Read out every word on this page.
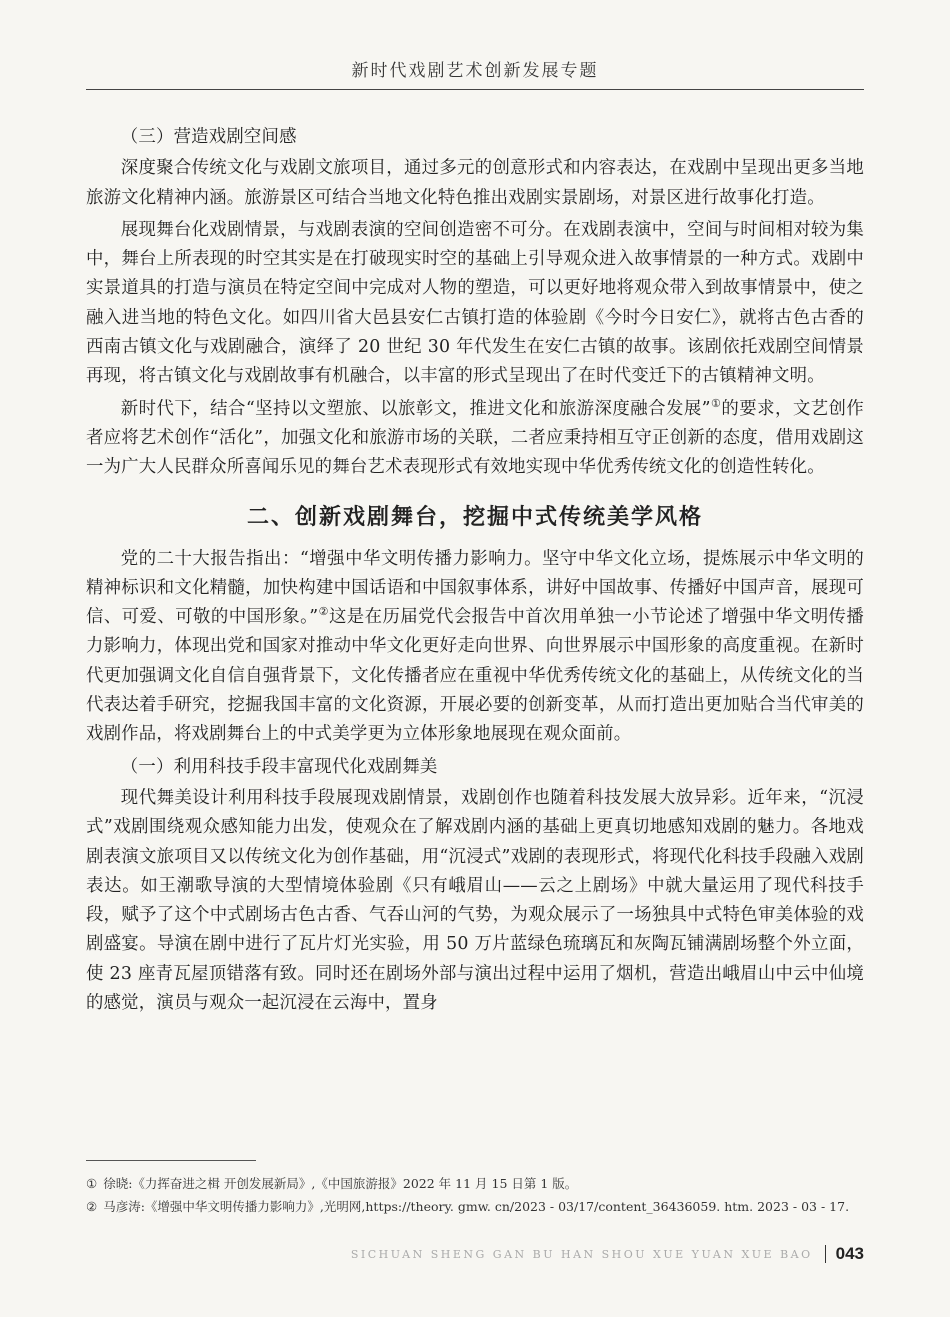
新时代戏剧艺术创新发展专题

（三）营造戏剧空间感

深度聚合传统文化与戏剧文旅项目，通过多元的创意形式和内容表达，在戏剧中呈现出更多当地旅游文化精神内涵。旅游景区可结合当地文化特色推出戏剧实景剧场，对景区进行故事化打造。

展现舞台化戏剧情景，与戏剧表演的空间创造密不可分。在戏剧表演中，空间与时间相对较为集中，舞台上所表现的时空其实是在打破现实时空的基础上引导观众进入故事情景的一种方式。戏剧中实景道具的打造与演员在特定空间中完成对人物的塑造，可以更好地将观众带入到故事情景中，使之融入进当地的特色文化。如四川省大邑县安仁古镇打造的体验剧《今时今日安仁》，就将古色古香的西南古镇文化与戏剧融合，演绎了 20 世纪 30 年代发生在安仁古镇的故事。该剧依托戏剧空间情景再现，将古镇文化与戏剧故事有机融合，以丰富的形式呈现出了在时代变迁下的古镇精神文明。

新时代下，结合“坚持以文塑旅、以旅彰文，推进文化和旅游深度融合发展”①的要求，文艺创作者应将艺术创作“活化”，加强文化和旅游市场的关联，二者应秉持相互守正创新的态度，借用戏剧这一为广大人民群众所喜闻乐见的舞台艺术表现形式有效地实现中华优秀传统文化的创造性转化。

二、创新戏剧舞台，挖掘中式传统美学风格

党的二十大报告指出：“增强中华文明传播力影响力。坚守中华文化立场，提炼展示中华文明的精神标识和文化精髓，加快构建中国话语和中国叙事体系，讲好中国故事、传播好中国声音，展现可信、可爱、可敬的中国形象。”②这是在历届党代会报告中首次用单独一小节论述了增强中华文明传播力影响力，体现出党和国家对推动中华文化更好走向世界、向世界展示中国形象的高度重视。在新时代更加强调文化自信自强背景下，文化传播者应在重视中华优秀传统文化的基础上，从传统文化的当代表达着手研究，挖掘我国丰富的文化资源，开展必要的创新变革，从而打造出更加贴合当代审美的戏剧作品，将戏剧舞台上的中式美学更为立体形象地展现在观众面前。

（一）利用科技手段丰富现代化戏剧舞美

现代舞美设计利用科技手段展现戏剧情景，戏剧创作也随着科技发展大放异彩。近年来，“沉浸式”戏剧围绕观众感知能力出发，使观众在了解戏剧内涵的基础上更真切地感知戏剧的魅力。各地戏剧表演文旅项目又以传统文化为创作基础，用“沉浸式”戏剧的表现形式，将现代化科技手段融入戏剧表达。如王潮歌导演的大型情境体验剧《只有峨眉山——云之上剧场》中就大量运用了现代科技手段，赋予了这个中式剧场古色古香、气吞山河的气势，为观众展示了一场独具中式特色审美体验的戏剧盛宴。导演在剧中进行了瓦片灯光实验，用 50 万片蓝绿色琉璃瓦和灰陶瓦铺满剧场整个外立面，使 23 座青瓦屋顶错落有致。同时还在剧场外部与演出过程中运用了烟机，营造出峨眉山中云中仙境的感觉，演员与观众一起沉浸在云海中，置身

① 徐晓:《力挥奋进之楫 开创发展新局》,《中国旅游报》2022 年 11 月 15 日第 1 版。
② 马彦涛:《增强中华文明传播力影响力》,光明网,https://theory. gmw. cn/2023 - 03/17/content_36436059. htm. 2023 - 03 - 17.
SICHUAN SHENG GAN BU HAN SHOU XUE YUAN XUE BAO 043
